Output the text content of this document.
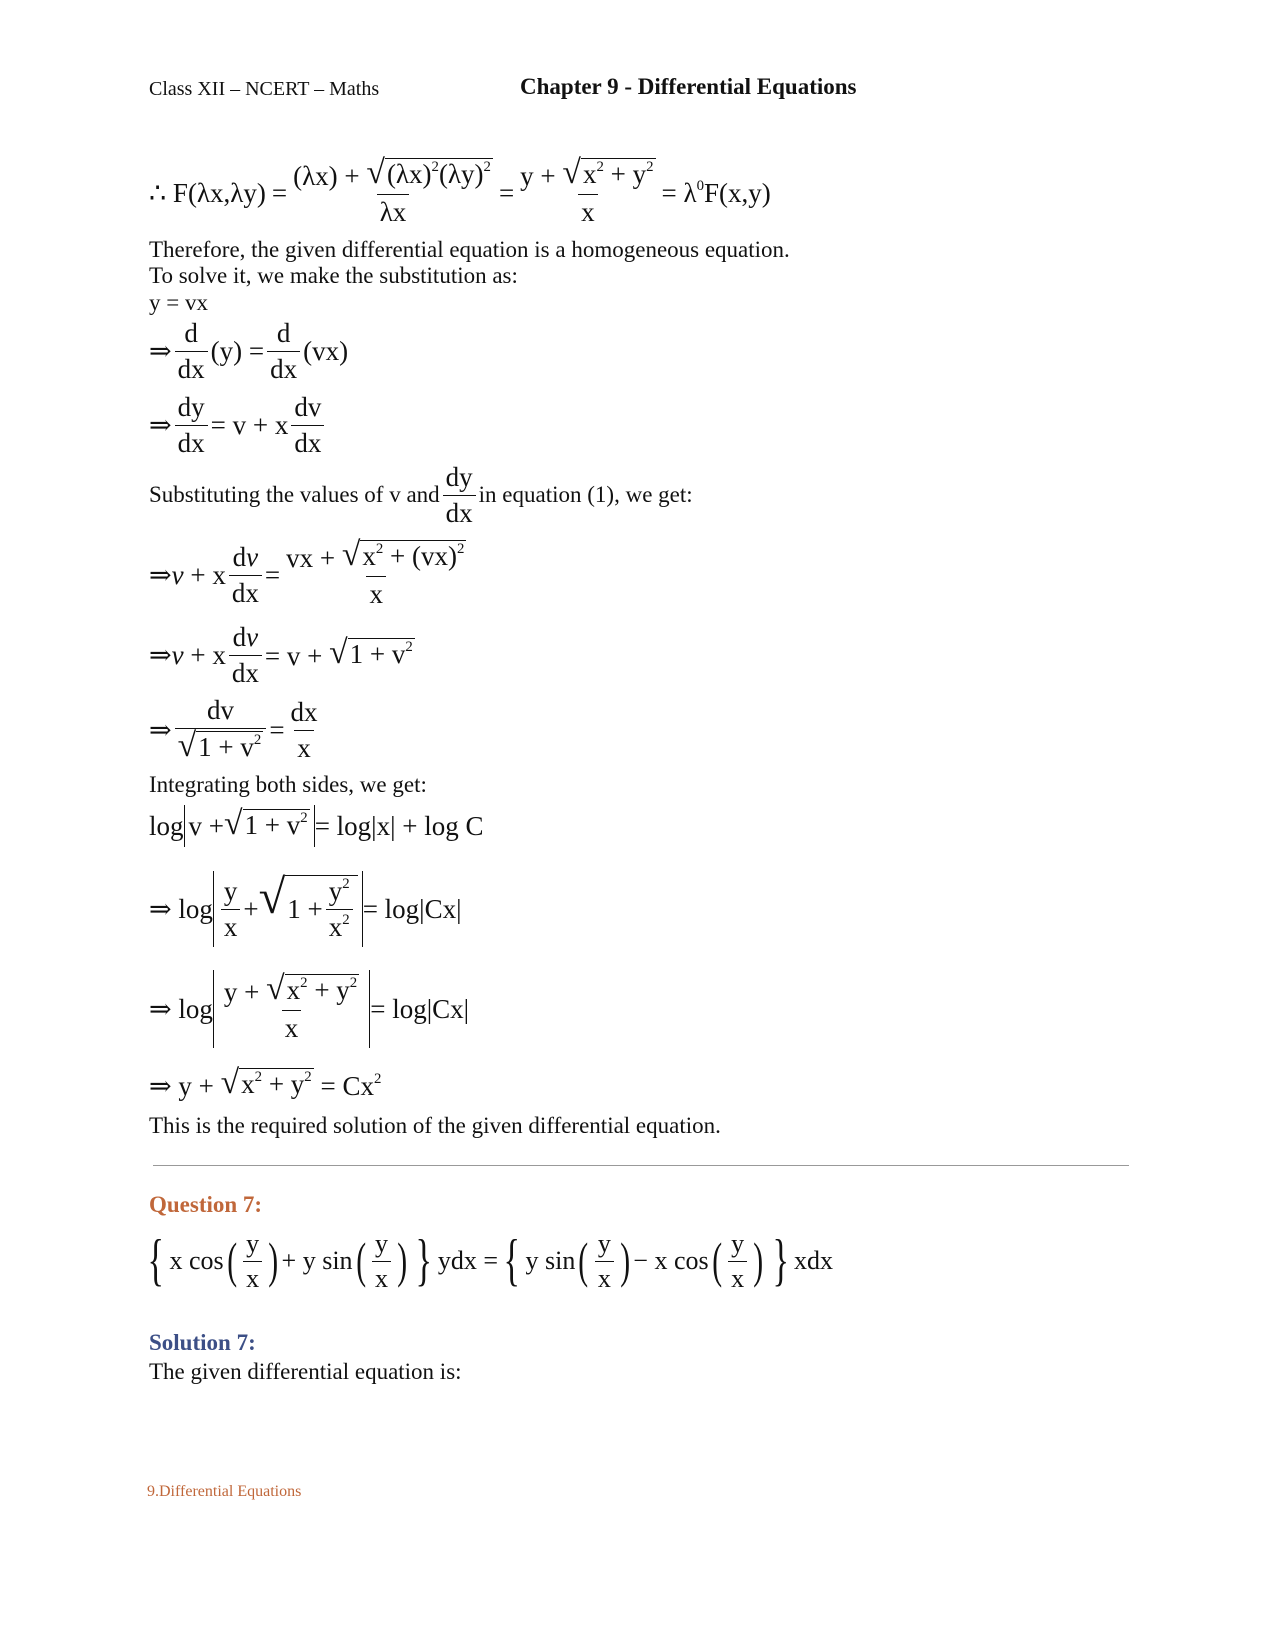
Class XII – NCERT – Maths	Chapter 9 - Differential Equations
∴ $F(\lambda x,\lambda y) = \frac{(\lambda x) + √ (\lambda x)^2(\lambda y)^2}{\lambda x} = \frac{y + √ x^2 + y^2}{x} = \lambda^0F(x,y)$
Therefore, the given differential equation is a homogeneous equation.
To solve it, we make the substitution as:
y = vx
⇒ $\frac{d}{dx} (y) = \frac{d}{dx} (vx)$
⇒ $\frac{dy}{dx} = v + x \frac{dv}{dx}$
Substituting the values of v and $\frac{dy}{dx}$ in equation (1), we get:
⇒v + x $\frac{dv}{dx} = \frac{vx + √ x^2 + (vx)^2}{x}$
⇒v + x $\frac{dv}{dx} = v$ + √ $1 + v^2$
⇒ $\frac{dv}{√ 1 + v^2} = \frac{dx}{x}$
Integrating both sides, we get:
log v + √ $1 + v^2 = \log|x| + \log C$
⇒ $\log \frac{y}{x}$ + √ $1 + \frac{y^2}{x^2} = \log|Cx|$
⇒ $\log \frac{y + √ x^2 + y^2}{x} = \log|Cx|$
⇒ y + √ $x^2 + y^2 = Cx^2$
This is the required solution of the given differential equation.
Question 7:
{ x cos ( $\frac{y}{x}$ ) + y sin ( $\frac{y}{x}$ ) } ydx = { y sin ( $\frac{y}{x}$ ) − x cos ( $\frac{y}{x}$ ) } xdx
Solution 7:
The given differential equation is:
9.Differential Equations
